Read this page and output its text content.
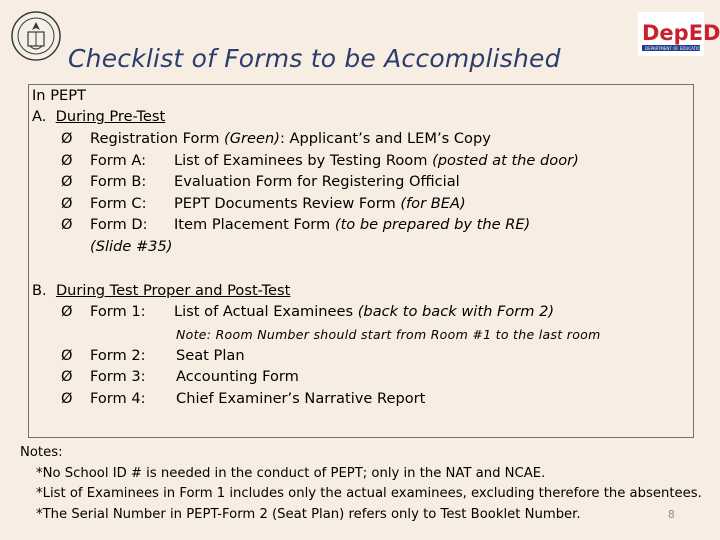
DepED
DEPARTMENT OF EDUCATION
Checklist of Forms to be Accomplished
In PEPT
A. During Pre-Test
Ø Registration Form (Green): Applicant’s and LEM’s Copy
Ø Form A: List of Examinees by Testing Room (posted at the door)
Ø Form B: Evaluation Form for Registering Official
Ø Form C: PEPT Documents Review Form (for BEA)
Ø Form D: Item Placement Form (to be prepared by the RE)
(Slide #35)
B. During Test Proper and Post-Test
Ø Form 1: List of Actual Examinees (back to back with Form 2)
Note: Room Number should start from Room #1 to the last room
Ø Form 2: Seat Plan
Ø Form 3: Accounting Form
Ø Form 4: Chief Examiner’s Narrative Report
Notes:
*No School ID # is needed in the conduct of PEPT; only in the NAT and NCAE.
*List of Examinees in Form 1 includes only the actual examinees, excluding therefore the absentees.
*The Serial Number in PEPT-Form 2 (Seat Plan) refers only to Test Booklet Number.	8
